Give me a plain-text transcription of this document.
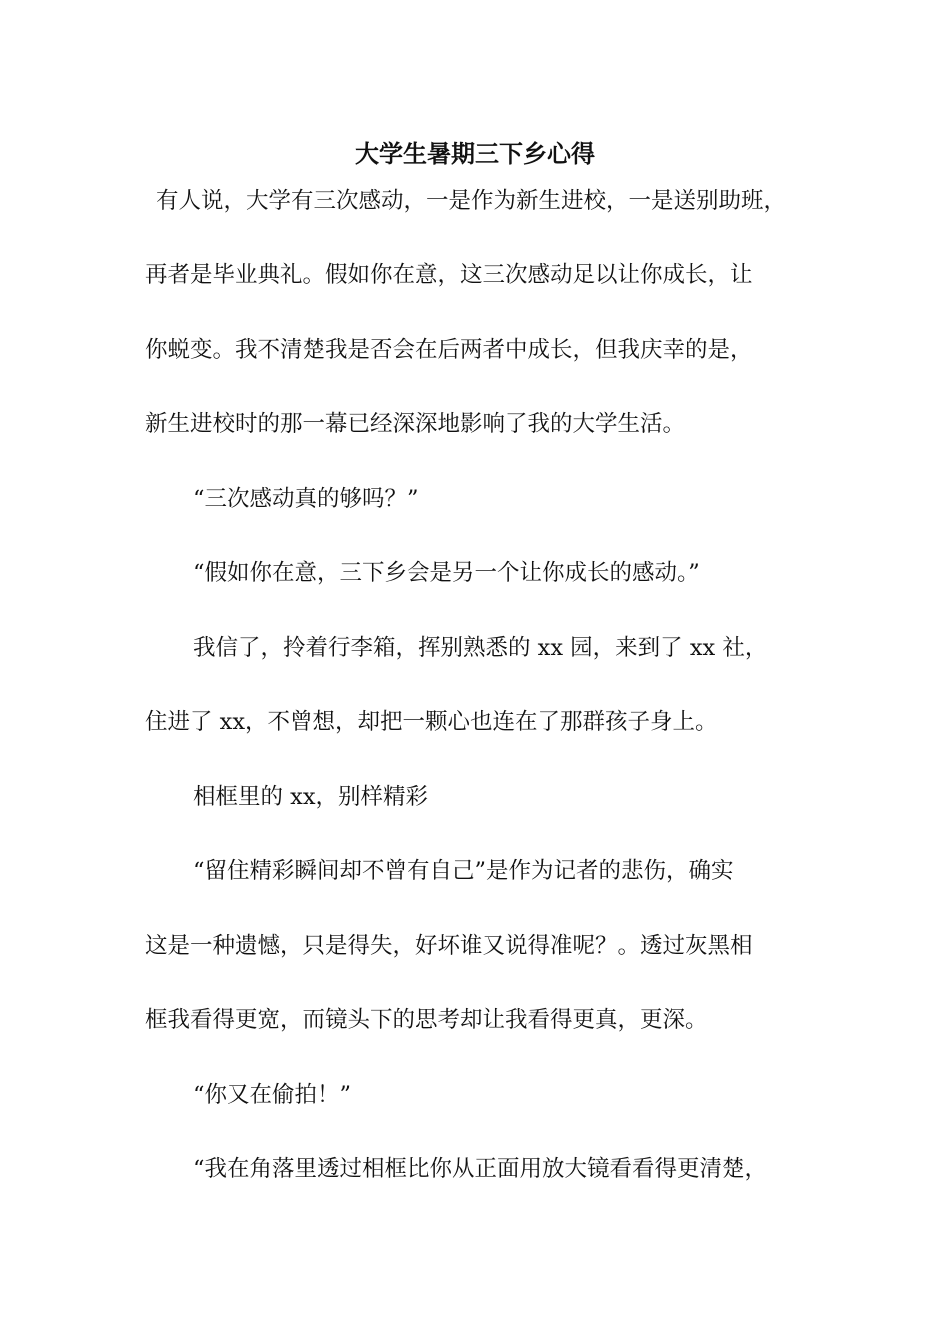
大学生暑期三下乡心得
有人说，大学有三次感动，一是作为新生进校，一是送别助班，
再者是毕业典礼。假如你在意，这三次感动足以让你成长，让
你蜕变。我不清楚我是否会在后两者中成长，但我庆幸的是，
新生进校时的那一幕已经深深地影响了我的大学生活。
“三次感动真的够吗？”
“假如你在意，三下乡会是另一个让你成长的感动。”
我信了，拎着行李箱，挥别熟悉的 xx 园，来到了 xx 社，
住进了 xx，不曾想，却把一颗心也连在了那群孩子身上。
相框里的 xx，别样精彩
“留住精彩瞬间却不曾有自己”是作为记者的悲伤，确实
这是一种遗憾，只是得失，好坏谁又说得准呢？。透过灰黑相
框我看得更宽，而镜头下的思考却让我看得更真，更深。
“你又在偷拍！”
“我在角落里透过相框比你从正面用放大镜看看得更清楚，
